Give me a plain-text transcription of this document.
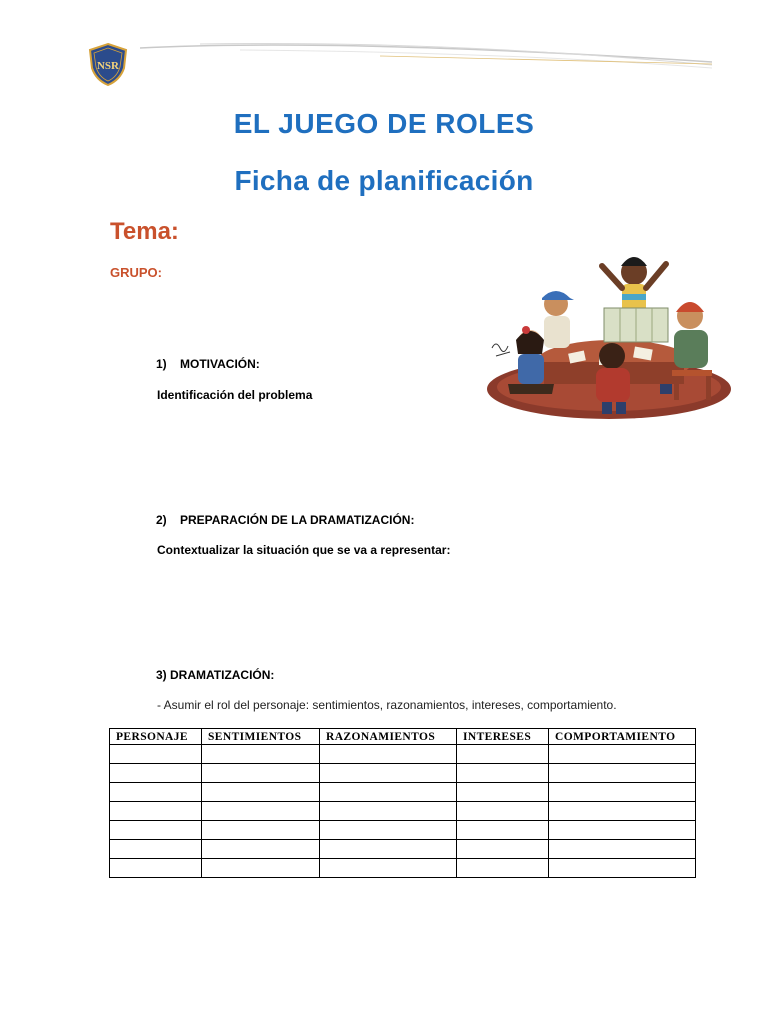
NSR
EL JUEGO DE ROLES
Ficha de planificación
Tema:
GRUPO:
1) MOTIVACIÓN:
Identificación del problema
2) PREPARACIÓN DE LA DRAMATIZACIÓN:
Contextualizar la situación que se va a representar:
3) DRAMATIZACIÓN:
- Asumir el rol del personaje: sentimientos, razonamientos, intereses, comportamiento.
PERSONAJE	SENTIMIENTOS	RAZONAMIENTOS	INTERESES	COMPORTAMIENTO
